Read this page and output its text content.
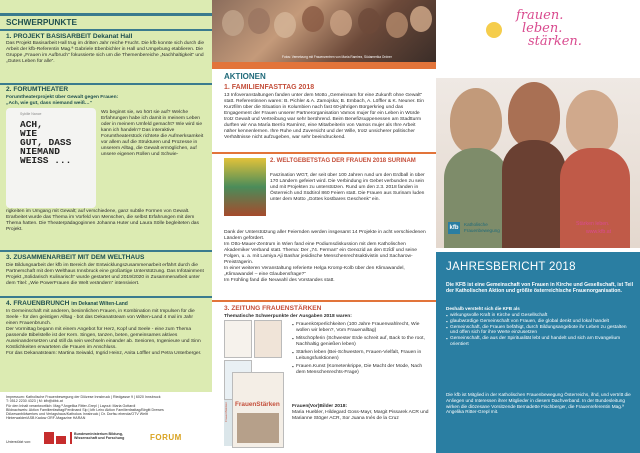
SCHWERPUNKTE
1. PROJEKT BASISARBEIT Dekanat Hall
Das Projekt Basisarbeit Hall trug im dritten Jahr reiche Frucht. Die kfb konnte sich durch die Arbeit der kfb-Referentin Mag.ª Gabriele Ebenbichler in Hall und Umgebung etablieren. Die Gruppe „Frauen im Aufbruch“ fokussierte sich um die Themenbereiche „Nachhaltigkeit“ und „Gutes Leben für alle“.
2. FORUMTHEATER
Forumtheaterprojekt über Gewalt gegen Frauen:
„Ach, wie gut, dass niemand weiß…“
Sybille Nance
ACH,
WIE
GUT, DASS
NIEMAND
WEISS ...
Wo beginnt sie, wo hört sie auf? Welche Erfahrungen habe ich damit in meinem Leben oder in meinem Umfeld gemacht? Wie wird sie kann ich handeln? Das interaktive Forumtheaterstück richtete die Aufmerksamkeit vor allem auf die Strukturen und Prozesse in unserem Alltag, die Gewalt ermöglichen, auf unsere eigenen Rollen und Schwie-
rigkeiten im Umgang mit Gewalt; auf verschiedene, ganz subtile Formen von Gewalt.
Erarbeitet wurde das Thema im Vorfeld von Menschen, die selbst Erfahrungen mit dem Thema hatten. Die Theaterpädagoginnen Johanna Huter und Laura Sölle begleiteten das Projekt.
3. ZUSAMMENARBEIT MIT DEM WELTHAUS
Die Bildungsarbeit der kfb im Bereich der Entwicklungszusammenarbeit erfährt durch die Partnerschaft mit dem Welthaus Innsbruck eine großartige Unterstützung. Das Infotainment Projekt „Solidarisch Kulinarisch“ wurde gestartet und 2019/2020 in Zusammenarbeit unter dem Titel: „Wie PowerFrauen die Welt verändern“ intensiviert.
4. FRAUENBRUNCH im Dekanat Wilten-Land
In Gemeinschaft mit anderen, besinnlichen Frauen, in Kombination mit Impulsen für die Seele - für den geistigen Alltag - bot das Dekanatsteam von Wilten-Land 4 mal im Jahr einen Frauenbrunch.
Der Vormittag begann mit einem Angebot für Herz, Kopf und Seele - eine zum Thema passende Bibelstelle ist der Kern. Singen, tanzen, beten, gemeinsames aktives Auseinandersetzen und still da sein wechseln einander ab. Senioren, Ingenieure und Sinn Köstlichkeiten erwarteten die Frauen im Anschluss.
Für das Dekanatsteam: Martina Seiwald, Ingrid Heinz, Anita Löffler und Petra Unterberger.
Impressum: Katholische Frauenbewegung der Diözese Innsbruck | Riedgasse 9 | 6020 Innsbruck
T: 0512 2230 4323 | M: kfb@dibk.at
Für den Inhalt verantwortlich: Mag.ª Angelika Ritter-Grepl | Layout: Maria Gottardi
Bildnachweis: Aktion Familienfasttag/Ferdinand Sip | kfb Leiro Aktion Familienfasttag/Birgitt Drewes
Diözesanbildwerkes und Verlagshaus/Kathokos Innsbruck | Dr. Dorfsu ebenda/OTV Weltt
Hinterwalder/ASB Kadow ORF-Magazine HARAN
Unterstützt von:
Bundesministerium Bildung, Wissenschaft und Forschung	FORUM
Fotos: Vernetzung mit Frauenzentren von Maria Ramirez, Südamerika Ordner
AKTIONEN
1. FAMILIENFASTTAG 2018
13 Infoveranstaltungen fanden unter dem Motto „Gemeinsam für eine Zukunft ohne Gewalt“ statt. Referentinnen waren: B. Pichler & A. Zamojska; B. Embach, A. Löffler & K. Neuner. Ein Kurzfilm über die Situation in Kolumbien nach fast 60-jährigen Bürgerkrieg und das Engagement der Frauen unserer Partnerorganisation Vamos mujer für ein Leben in Würde trotz Gewalt und Vertreibung war sehr berührend. Beim Benefizsuppenessen am Stadtturm durften wir Ana María Berrío Ramírez, eine Mitarbeiterin von Vamos mujer als Ihre Arbeit näher kennenlernen. Ihre Ruhe und Zuversicht und der Wille, trotz unsicherer politischer Verhältnisse nicht aufzugeben, war sehr beeindruckend.
2. WELTGEBETSTAG DER FRAUEN 2018 SURINAM
Faszination WGT, der seit über 100 Jahren rund um den Erdball in über 170 Ländern gefeiert wird. Die Verbindung im Gebet verbunden zu sein und mit Projekten zu unterstützen. Rund um den 2.3. 2018 fanden in Österreich und Südtirol 860 Feiern statt. Die Frauen aus Surinam luden unter dem Motto „Gottes kostbares Geschenk“ ein.
Dank der Unterstützung aller Feiernden werden insgesamt 14 Projekte in acht verschiedenen Ländern gefördert.
Im Otto-Mauer-Zentrum in Wien fand eine Podiumsdiskussion mit dem Katholischen Akademiker Verband statt. Thema: Der „74. Ferman“ ein Genozid an den Ezîdî und seine Folgen, u. a. mit Lamiya Aji Bashar jesidische Menschenrechtsaktivistin und Sacharow-Preisträgerin.
In einer weiteren Veranstaltung referierte Helga Kromp-Kolb über den Klimawandel, „Klimawandel – eine Glaubensfrage?“
Im Frühling fand die Neuwahl des Vorstandes statt.
3. ZEITUNG FRAUENSTÄRKEN
Thematische Schwerpunkte der Ausgaben 2018 waren:
FrauenStärken
FrauenStärken
▪ Frauenkörperlichkeiten (100 Jahre Frauenwahlrecht, Wie wollen wir leben?, Vom Frauenalltag)
▪ Mitschöpferin (Schwester Erde schreit auf, Back to the root, Nachhaltig genießen leben)
▪ Stärken leben (Bei-Schwestern, Frauen-Vielfalt, Frauen in Leitungsfunktionen)
▪ Frauen.Kunst (Kometenkrippe, Die Macht der Mode, Nach dem Menschenrechts-Frage)
Frauen(Vor)Bilder 2018:
Maria Huebler, Hildegard Goss-Mayr, Margit Pissarek ACR und Marianne Stöger ACR, Sor Juana Inés de la Cruz
frauen.
leben.
stärken.
kfb
Katholische Frauenbewegung
Stärken leben.
www.kfb.at
JAHRESBERICHT 2018
Die KFB ist eine Gemeinschaft von Frauen in Kirche und Gesellschaft, ist Teil der Katholischen Aktion und größte österreichische Frauenorganisation.
Deshalb versteht sich die KFB als
▪ wirkungsvolle Kraft in Kirche und Gesellschaft
▪ glaubwürdige Gemeinschaft von Frauen, die global denkt und lokal handelt
▪ Gemeinschaft, die Frauen befähigt, durch Bildungsangebote ihr Leben zu gestalten und offen sich für ihre Werte einzusetzen
▪ Gemeinschaft, die aus der Spiritualität lebt und handelt und sich am Evangelium orientiert
Die kfb ist Mitglied in der Katholischen Frauenbewegung Österreichs, ifnd, und vertritt die Anliegen und Interessen ihrer Mitglieder in diesem Dachverband. In der Bundesleitung wirken die diözesane Vorsitzende Bernadette Fischberger, die Frauenreferentin Mag.ª Angelika Ritter-Grepl mit.
